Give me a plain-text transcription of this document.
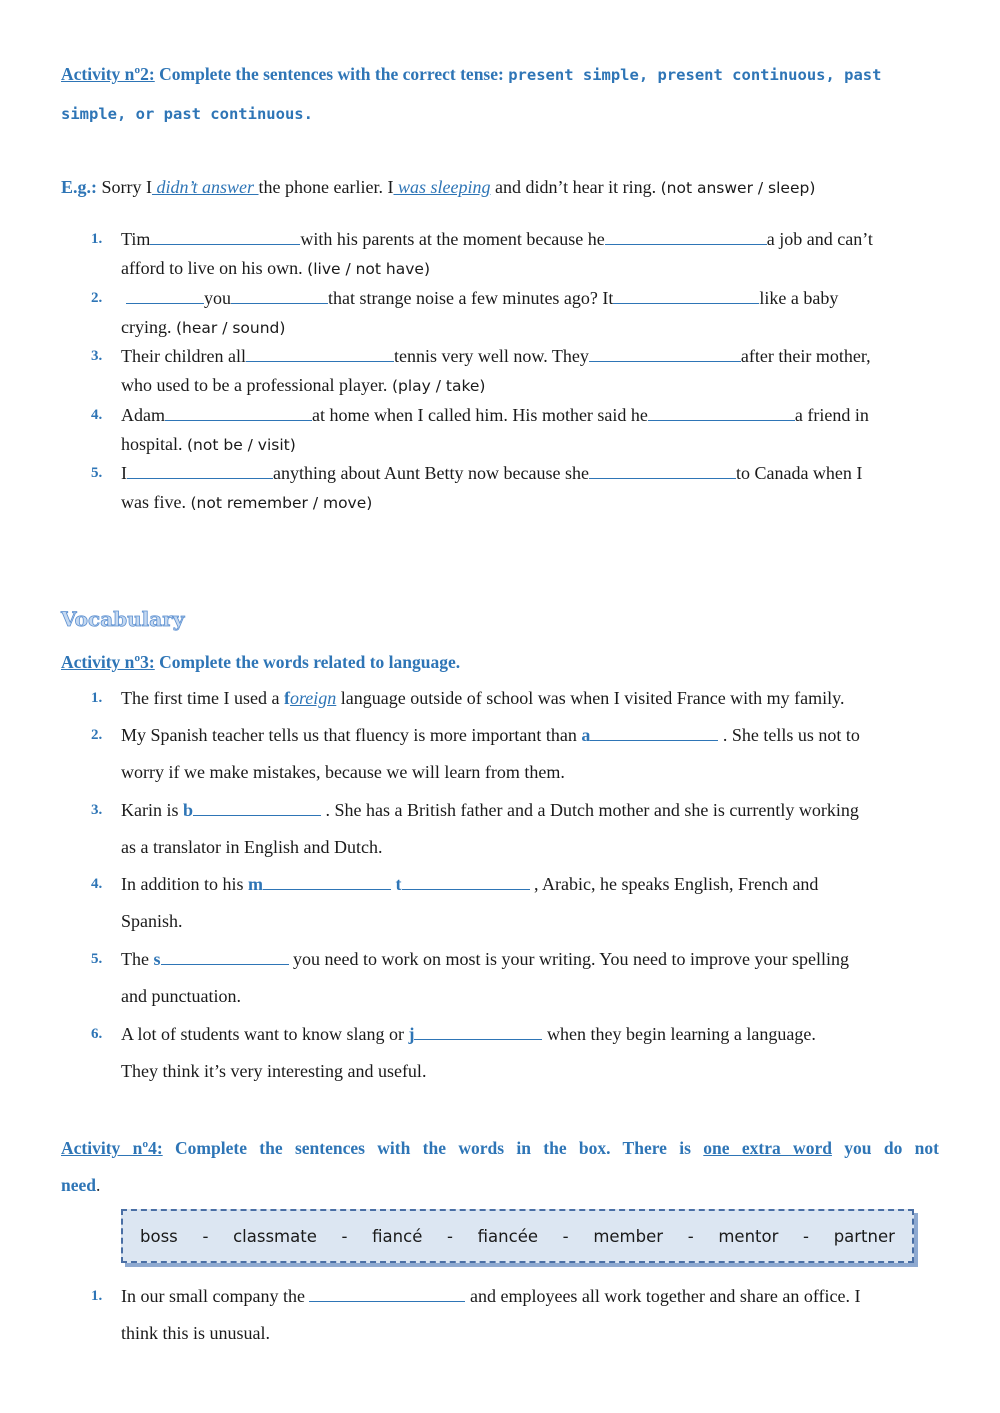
Activity nº2: Complete the sentences with the correct tense: present simple, present continuous, past
simple, or past continuous.
E.g.: Sorry I didn’t answer the phone earlier. I was sleeping and didn’t hear it ring. (not answer / sleep)
1. Tim	with his parents at the moment because he	a job and can’t
afford to live on his own. (live / not have)
2.	you	that strange noise a few minutes ago? It	like a baby
crying. (hear / sound)
3. Their children all	tennis very well now. They	after their mother,
who used to be a professional player. (play / take)
4. Adam	at home when I called him. His mother said he	a friend in
hospital. (not be / visit)
5. I	anything about Aunt Betty now because she	to Canada when I
was five. (not remember / move)
Vocabulary
Activity nº3: Complete the words related to language.
1. The first time I used a foreign language outside of school was when I visited France with my family.
2. My Spanish teacher tells us that fluency is more important than a	. She tells us not to
worry if we make mistakes, because we will learn from them.
3. Karin is b	. She has a British father and a Dutch mother and she is currently working
as a translator in English and Dutch.
4. In addition to his m	t	, Arabic, he speaks English, French and
Spanish.
5. The s	you need to work on most is your writing. You need to improve your spelling
and punctuation.
6. A lot of students want to know slang or j	when they begin learning a language.
They think it’s very interesting and useful.
Activity nº4: Complete the sentences with the words in the box. There is one extra word you do not
need.
boss - classmate - fiancé - fiancée - member - mentor - partner
1. In our small company the	and employees all work together and share an office. I
think this is unusual.
